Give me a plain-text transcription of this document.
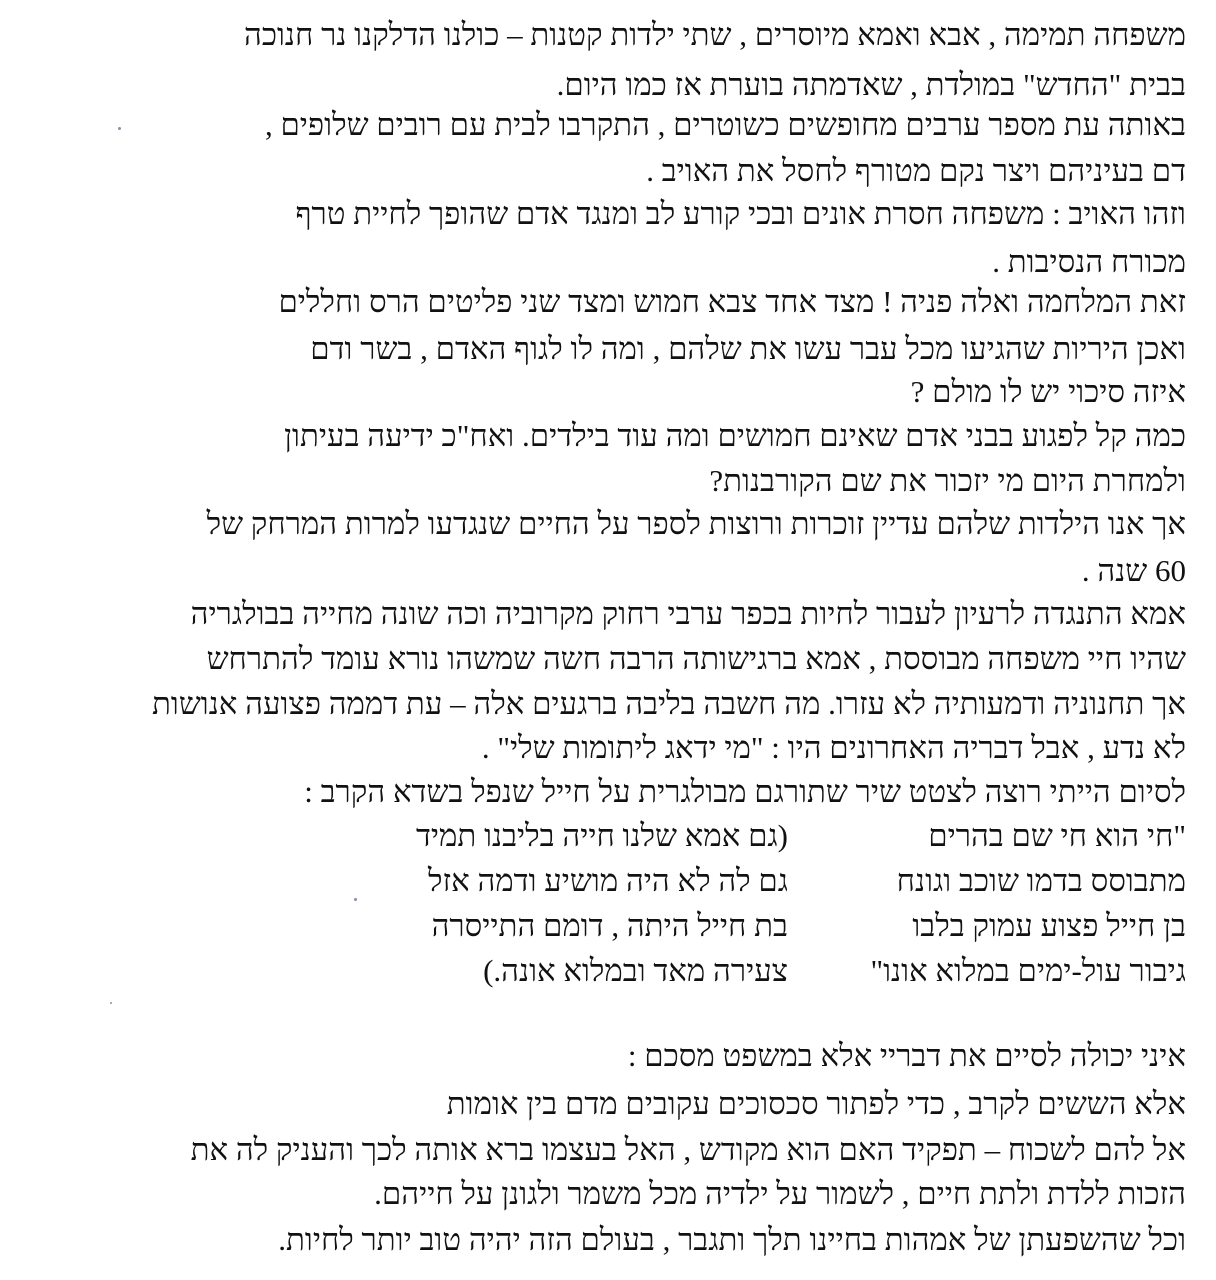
משפחה תמימה , אבא ואמא מיוסרים , שתי ילדות קטנות – כולנו הדלקנו נר חנוכה
בבית "החדש" במולדת , שאדמתה בוערת אז כמו היום.
באותה עת מספר ערבים מחופשים כשוטרים , התקרבו לבית עם רובים שלופים ,
דם בעיניהם ויצר נקם מטורף לחסל את האויב .
וזהו האויב : משפחה חסרת אונים ובכי קורע לב ומנגד אדם שהופך לחיית טרף
מכורח הנסיבות .
זאת המלחמה ואלה פניה ! מצד אחד צבא חמוש ומצד שני פליטים הרס וחללים
ואכן היריות שהגיעו מכל עבר עשו את שלהם , ומה לו לגוף האדם , בשר ודם
איזה סיכוי יש לו מולם ?
כמה קל לפגוע בבני אדם שאינם חמושים ומה עוד בילדים. ואח"כ ידיעה בעיתון
ולמחרת היום מי יזכור את שם הקורבנות?
אך אנו הילדות שלהם עדיין זוכרות ורוצות לספר על החיים שנגדעו למרות המרחק של
60 שנה .
אמא התנגדה לרעיון לעבור לחיות בכפר ערבי רחוק מקרוביה וכה שונה מחייה בבולגריה
שהיו חיי משפחה מבוססת , אמא ברגישותה הרבה חשה שמשהו נורא עומד להתרחש
אך תחנוניה ודמעותיה לא עזרו. מה חשבה בליבה ברגעים אלה – עת דממה פצועה אנושות
לא נדע , אבל דבריה האחרונים היו : "מי ידאג ליתומות שלי" .
לסיום הייתי רוצה לצטט שיר שתורגם מבולגרית על חייל שנפל בשדא הקרב :
"חי הוא חי שם בהרים
(גם אמא שלנו חייה בליבנו תמיד
מתבוסס בדמו שוכב וגונח
גם לה לא היה מושיע ודמה אזל
בן חייל פצוע עמוק בלבו
בת חייל היתה , דומם התייסרה
גיבור עול-ימים במלוא אונו"
צעירה מאד ובמלוא אונה.)
איני יכולה לסיים את דבריי אלא במשפט מסכם :
אלא הששים לקרב , כדי לפתור סכסוכים עקובים מדם בין אומות
אל להם לשכוח – תפקיד האם הוא מקודש , האל בעצמו ברא אותה לכך והעניק לה את
הזכות ללדת ולתת חיים , לשמור על ילדיה מכל משמר ולגונן על חייהם.
וכל שהשפעתן של אמהות בחיינו תלך ותגבר , בעולם הזה יהיה טוב יותר לחיות.
